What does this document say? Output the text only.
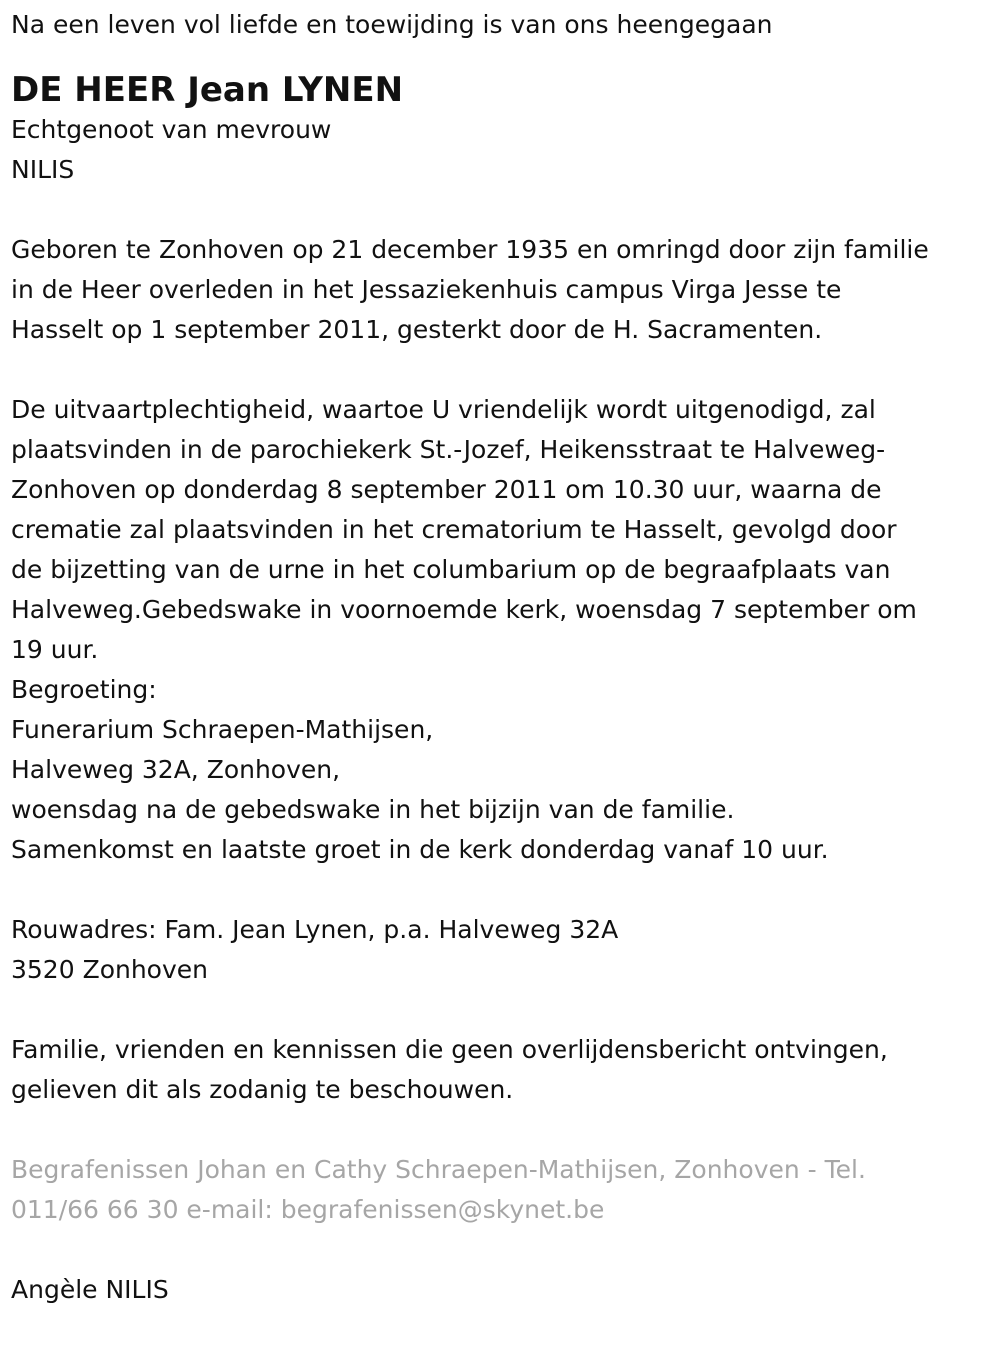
Na een leven vol liefde en toewijding is van ons heengegaan
DE HEER Jean LYNEN
Echtgenoot van mevrouw
NILIS
Geboren te Zonhoven op 21 december 1935 en omringd door zijn familie
in de Heer overleden in het Jessaziekenhuis campus Virga Jesse te
Hasselt op 1 september 2011, gesterkt door de H. Sacramenten.
De uitvaartplechtigheid, waartoe U vriendelijk wordt uitgenodigd, zal
plaatsvinden in de parochiekerk St.-Jozef, Heikensstraat te Halveweg-
Zonhoven op donderdag 8 september 2011 om 10.30 uur, waarna de
crematie zal plaatsvinden in het crematorium te Hasselt, gevolgd door
de bijzetting van de urne in het columbarium op de begraafplaats van
Halveweg.Gebedswake in voornoemde kerk, woensdag 7 september om
19 uur.
Begroeting:
Funerarium Schraepen-Mathijsen,
Halveweg 32A, Zonhoven,
woensdag na de gebedswake in het bijzijn van de familie.
Samenkomst en laatste groet in de kerk donderdag vanaf 10 uur.
Rouwadres: Fam. Jean Lynen, p.a. Halveweg 32A
3520 Zonhoven
Familie, vrienden en kennissen die geen overlijdensbericht ontvingen,
gelieven dit als zodanig te beschouwen.
Begrafenissen Johan en Cathy Schraepen-Mathijsen, Zonhoven - Tel.
011/66 66 30 e-mail: begrafenissen@skynet.be
Angèle NILIS
